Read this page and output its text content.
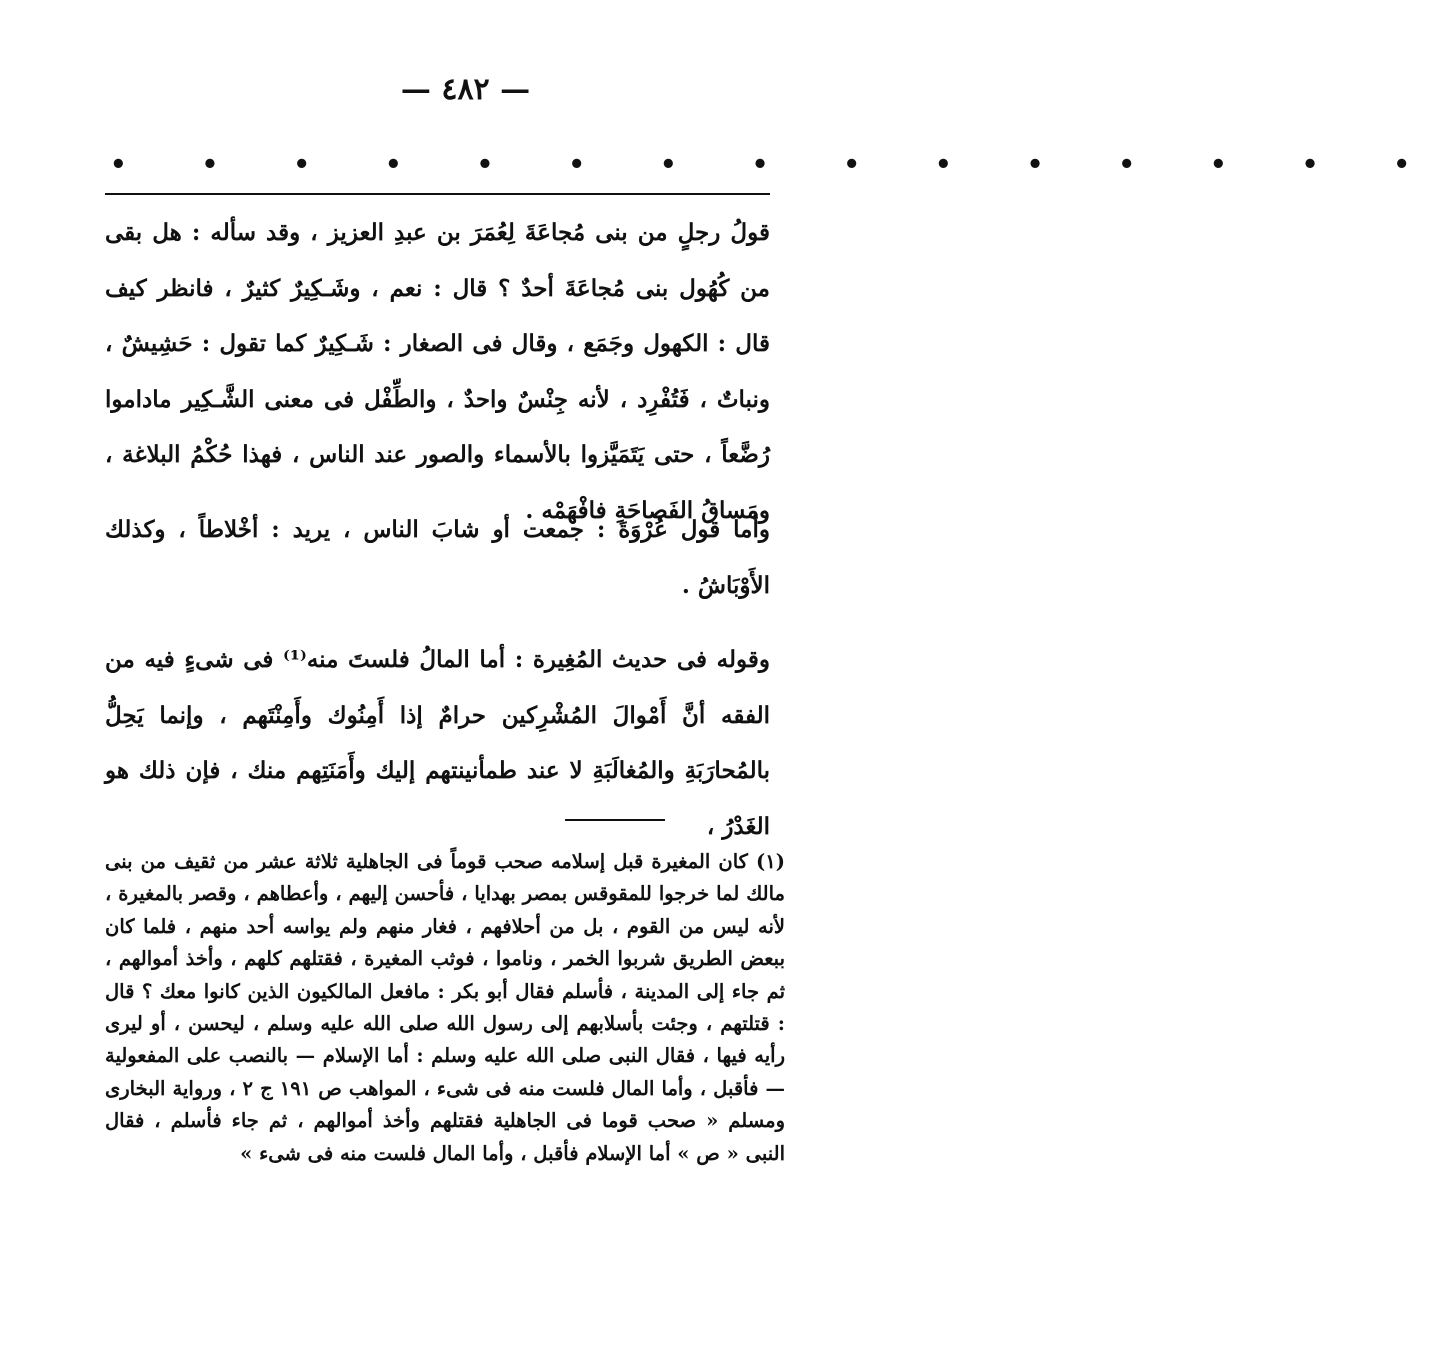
— ٤٨٢ —
• • • • • • • • • • • • • • •

قولُ رجلٍ من بنى مُجاعَةَ لِعُمَرَ بن عبدِ العزيز ، وقد سأله : هل بقى من كُهُول بنى مُجاعَةَ أحدٌ ؟ قال : نعم ، وشَـكِيرٌ كثيرٌ ، فانظر كيف قال : الكهول وجَمَع ، وقال فى الصغار : شَـكِيرٌ كما تقول : حَشِيشٌ ، ونباتٌ ، فَتُفْرِد ، لأنه جِنْسٌ واحدٌ ، والطِّفْل فى معنى الشَّـكِير ماداموا رُضَّعاً ، حتى يَتَمَيَّزوا بالأسماء والصور عند الناس ، فهذا حُكْمُ البلاغة ، ومَساقُ الفَصاحَةِ فافْهَمْه .

وأما قول عُرْوَةَ : جمعت أو شابَ الناس ، يريد : أخْلاطاً ، وكذلك الأَوْبَاشُ .

وقوله فى حديث المُغِيرة : أما المالُ فلستَ منه⁽¹⁾ فى شىءٍ فيه من الفقه أنَّ أَمْوالَ المُشْرِكين حرامٌ إذا أَمِنُوك وأَمِنْتَهم ، وإنما يَحِلُّ بالمُحارَبَةِ والمُغالَبَةِ لا عند طمأنينتهم إليك وأَمَنَتِهم منك ، فإن ذلك هو الغَدْرُ ،

(١) كان المغيرة قبل إسلامه صحب قوماً فى الجاهلية ثلاثة عشر من ثقيف من بنى مالك لما خرجوا للمقوقس بمصر بهدايا ، فأحسن إليهم ، وأعطاهم ، وقصر بالمغيرة ، لأنه ليس من القوم ، بل من أحلافهم ، فغار منهم ولم يواسه أحد منهم ، فلما كان ببعض الطريق شربوا الخمر ، وناموا ، فوثب المغيرة ، فقتلهم كلهم ، وأخذ أموالهم ، ثم جاء إلى المدينة ، فأسلم فقال أبو بكر : مافعل المالكيون الذين كانوا معك ؟ قال : قتلتهم ، وجئت بأسلابهم إلى رسول الله صلى الله عليه وسلم ، ليحسن ، أو ليرى رأيه فيها ، فقال النبى صلى الله عليه وسلم : أما الإسلام — بالنصب على المفعولية — فأقبل ، وأما المال فلست منه فى شىء ، المواهب ص ١٩١ ج ٢ ، ورواية البخارى ومسلم « صحب قوما فى الجاهلية فقتلهم وأخذ أموالهم ، ثم جاء فأسلم ، فقال النبى « ص » أما الإسلام فأقبل ، وأما المال فلست منه فى شىء »
